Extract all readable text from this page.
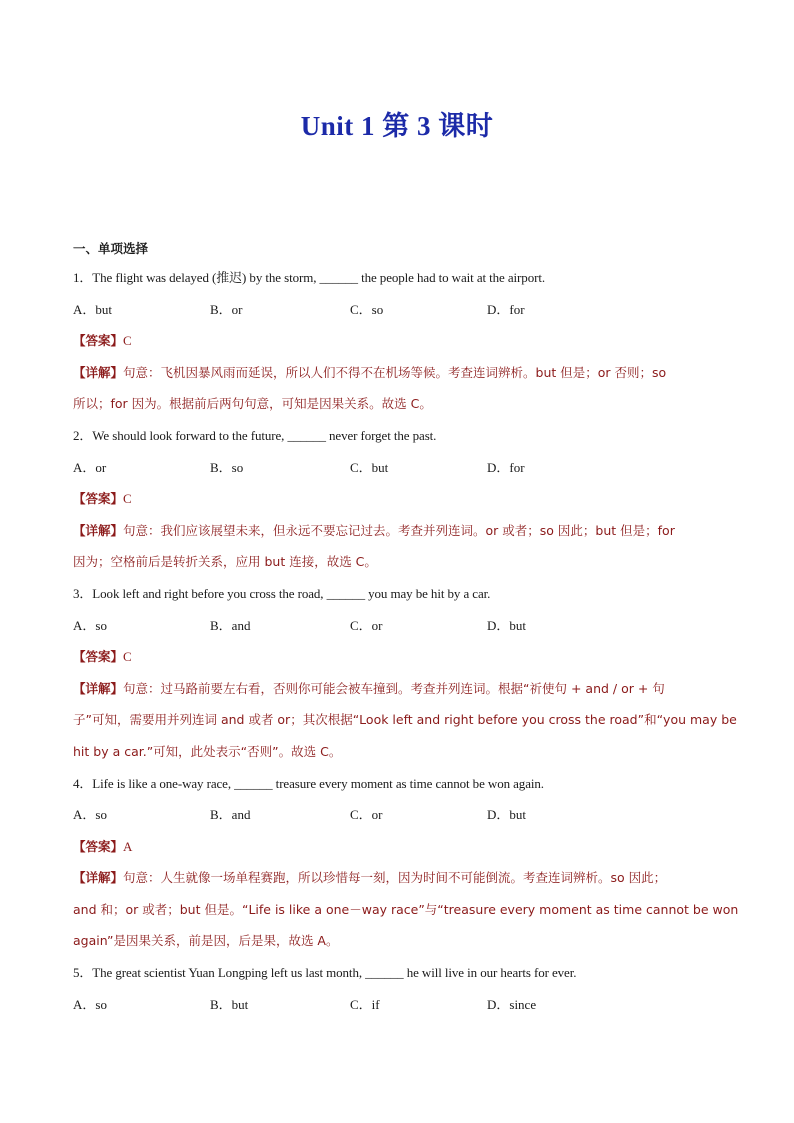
Unit 1 第 3 课时
一、单项选择
1．The flight was delayed (推迟) by the storm, ______ the people had to wait at the airport.
A．but	B．or	C．so	D．for
【答案】C
【详解】句意：飞机因暴风雨而延误，所以人们不得不在机场等候。考查连词辨析。but 但是；or 否则；so
所以；for 因为。根据前后两句句意，可知是因果关系。故选 C。
2．We should look forward to the future, ______ never forget the past.
A．or	B．so	C．but	D．for
【答案】C
【详解】句意：我们应该展望未来，但永远不要忘记过去。考查并列连词。or 或者；so 因此；but 但是；for
因为；空格前后是转折关系，应用 but 连接，故选 C。
3．Look left and right before you cross the road, ______ you may be hit by a car.
A．so	B．and	C．or	D．but
【答案】C
【详解】句意：过马路前要左右看，否则你可能会被车撞到。考查并列连词。根据“祈使句 + and / or + 句
子”可知，需要用并列连词 and 或者 or；其次根据“Look left and right before you cross the road”和“you may be
hit by a car.”可知，此处表示“否则”。故选 C。
4．Life is like a one-way race, ______ treasure every moment as time cannot be won again.
A．so	B．and	C．or	D．but
【答案】A
【详解】句意：人生就像一场单程赛跑，所以珍惜每一刻，因为时间不可能倒流。考查连词辨析。so 因此；
and 和；or 或者；but 但是。“Life is like a one－way race”与“treasure every moment as time cannot be won
again”是因果关系，前是因，后是果，故选 A。
5．The great scientist Yuan Longping left us last month, ______ he will live in our hearts for ever.
A．so	B．but	C．if	D．since
